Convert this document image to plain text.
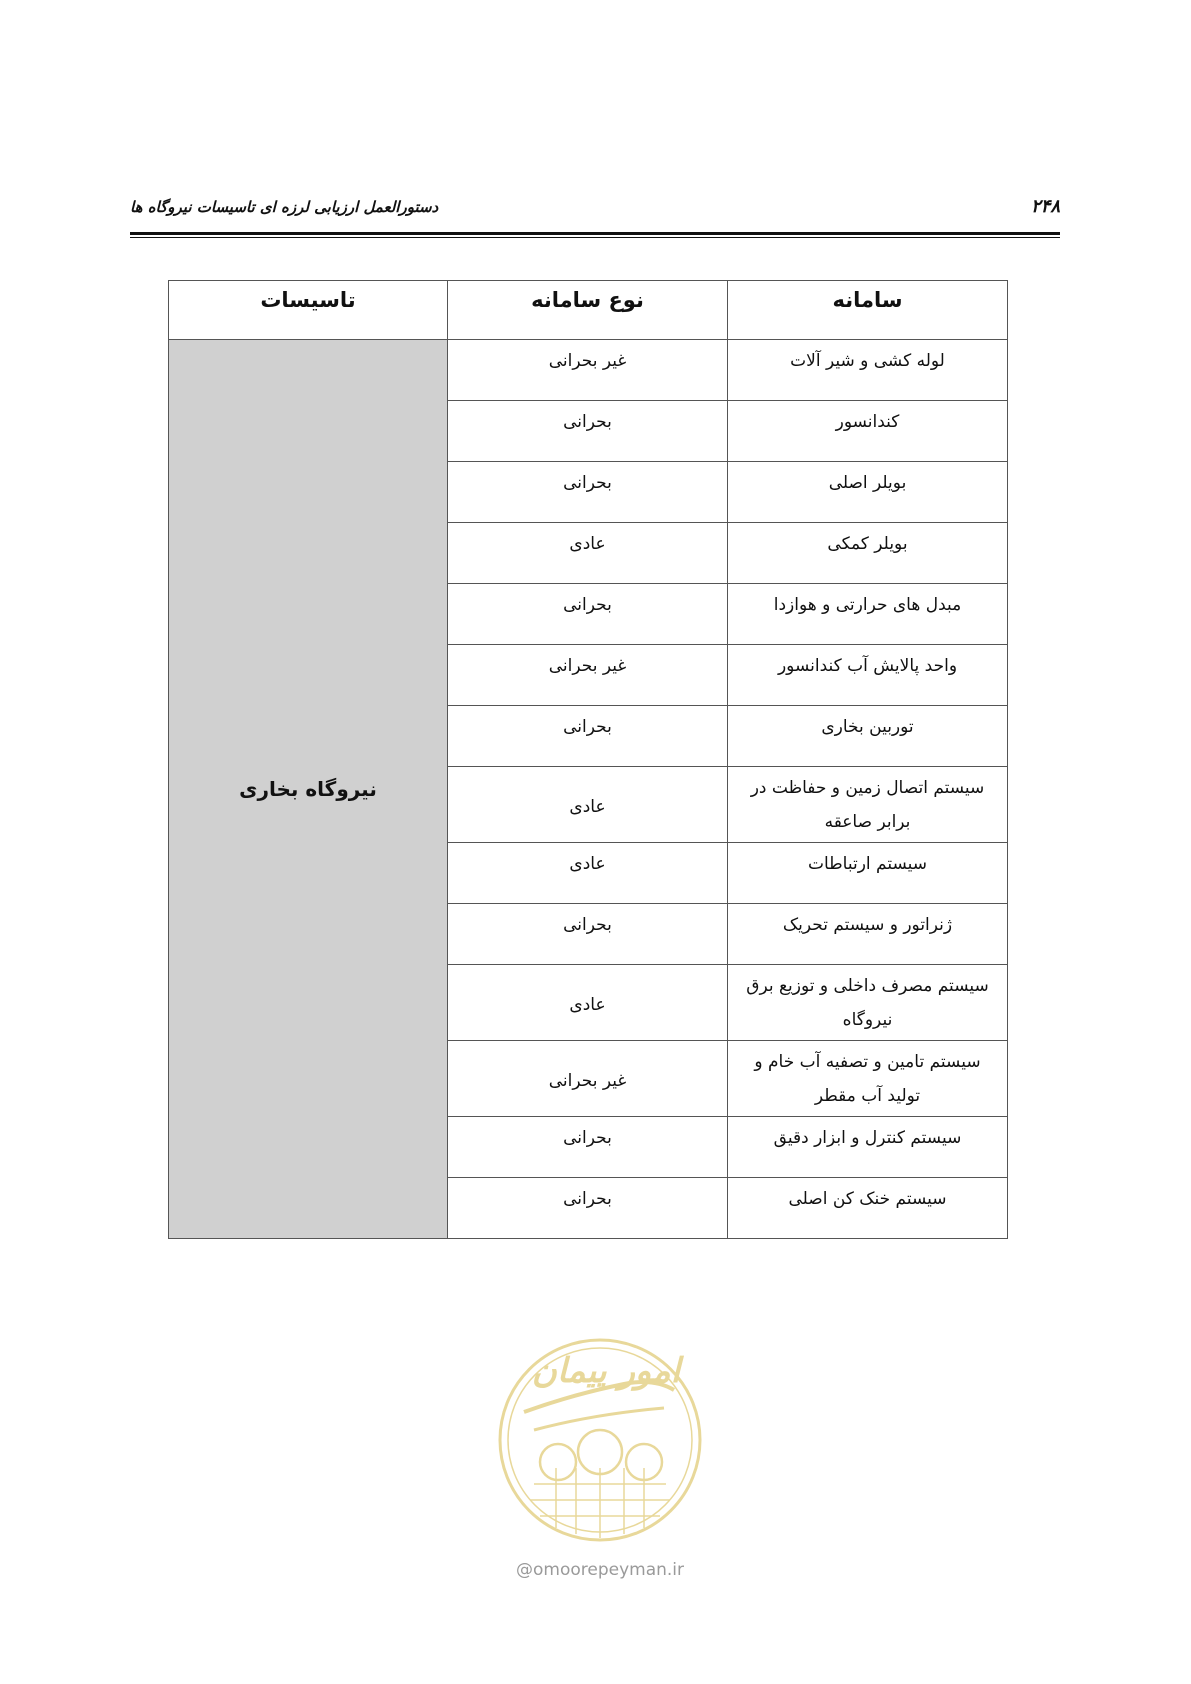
۲۴۸
دستورالعمل ارزیابی لرزه ای تاسیسات نیروگاه ها
سامانه	نوع سامانه	تاسیسات
لوله کشی و شیر آلات	غیر بحرانی	نیروگاه بخاری
کندانسور	بحرانی	
بویلر اصلی	بحرانی	
بویلر کمکی	عادی	
مبدل های حرارتی و هوازدا	بحرانی	
واحد پالایش آب کندانسور	غیر بحرانی	
توربین بخاری	بحرانی	
سیستم اتصال زمین و حفاظت در برابر صاعقه	عادی	
سیستم ارتباطات	عادی	
ژنراتور و سیستم تحریک	بحرانی	
سیستم مصرف داخلی و توزیع برق نیروگاه	عادی	
سیستم تامین و تصفیه آب خام و تولید آب مقطر	غیر بحرانی	
سیستم کنترل و ابزار دقیق	بحرانی	
سیستم خنک کن اصلی	بحرانی	
امور پیمان
@omoorepeyman.ir
